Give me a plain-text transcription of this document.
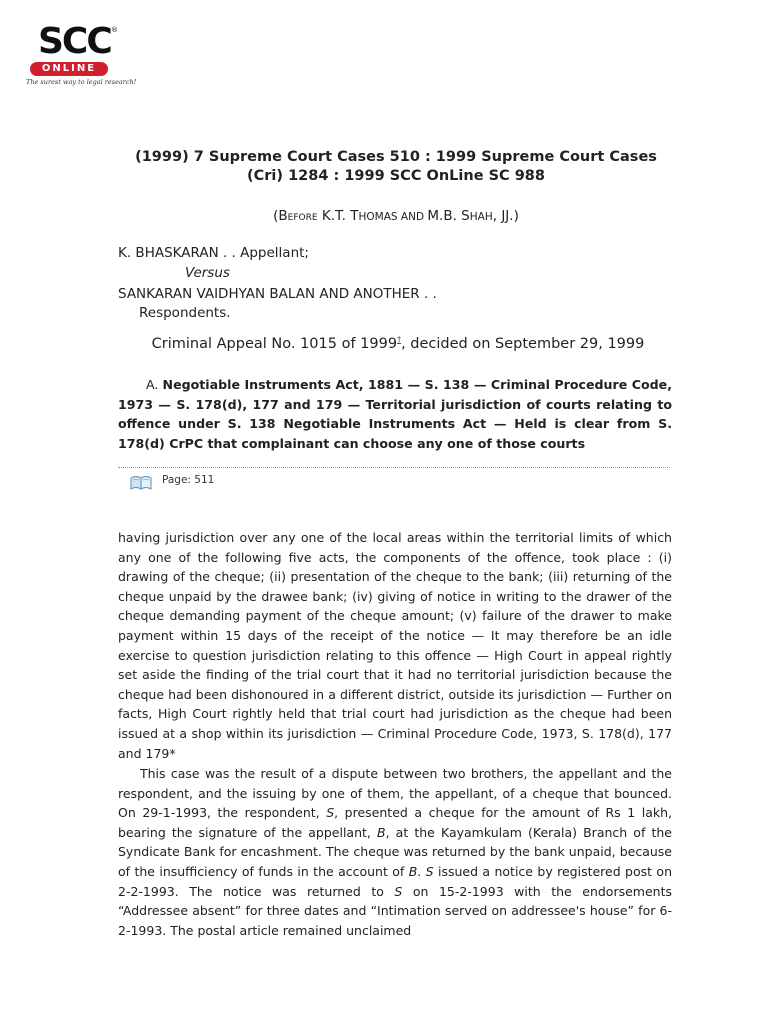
SCC ®
ONLINE
The surest way to legal research!
(1999) 7 Supreme Court Cases 510 : 1999 Supreme Court Cases
(Cri) 1284 : 1999 SCC OnLine SC 988
(Before K.T. THOMAS AND M.B. SHAH, JJ.)
K. BHASKARAN . . Appellant;
Versus
SANKARAN VAIDHYAN BALAN AND ANOTHER . .
Respondents.
Criminal Appeal No. 1015 of 1999†, decided on September 29, 1999

A. Negotiable Instruments Act, 1881 — S. 138 — Criminal Procedure Code, 1973 — S. 178(d), 177 and 179 — Territorial jurisdiction of courts relating to offence under S. 138 Negotiable Instruments Act — Held is clear from S. 178(d) CrPC that complainant can choose any one of those courts

Page: 511

having jurisdiction over any one of the local areas within the territorial limits of which any one of the following five acts, the components of the offence, took place : (i) drawing of the cheque; (ii) presentation of the cheque to the bank; (iii) returning of the cheque unpaid by the drawee bank; (iv) giving of notice in writing to the drawer of the cheque demanding payment of the cheque amount; (v) failure of the drawer to make payment within 15 days of the receipt of the notice — It may therefore be an idle exercise to question jurisdiction relating to this offence — High Court in appeal rightly set aside the finding of the trial court that it had no territorial jurisdiction because the cheque had been dishonoured in a different district, outside its jurisdiction — Further on facts, High Court rightly held that trial court had jurisdiction as the cheque had been issued at a shop within its jurisdiction — Criminal Procedure Code, 1973, S. 178(d), 177 and 179*

This case was the result of a dispute between two brothers, the appellant and the respondent, and the issuing by one of them, the appellant, of a cheque that bounced. On 29-1-1993, the respondent, S, presented a cheque for the amount of Rs 1 lakh, bearing the signature of the appellant, B, at the Kayamkulam (Kerala) Branch of the Syndicate Bank for encashment. The cheque was returned by the bank unpaid, because of the insufficiency of funds in the account of B. S issued a notice by registered post on 2-2-1993. The notice was returned to S on 15-2-1993 with the endorsements “Addressee absent” for three dates and “Intimation served on addressee's house” for 6-2-1993. The postal article remained unclaimed
